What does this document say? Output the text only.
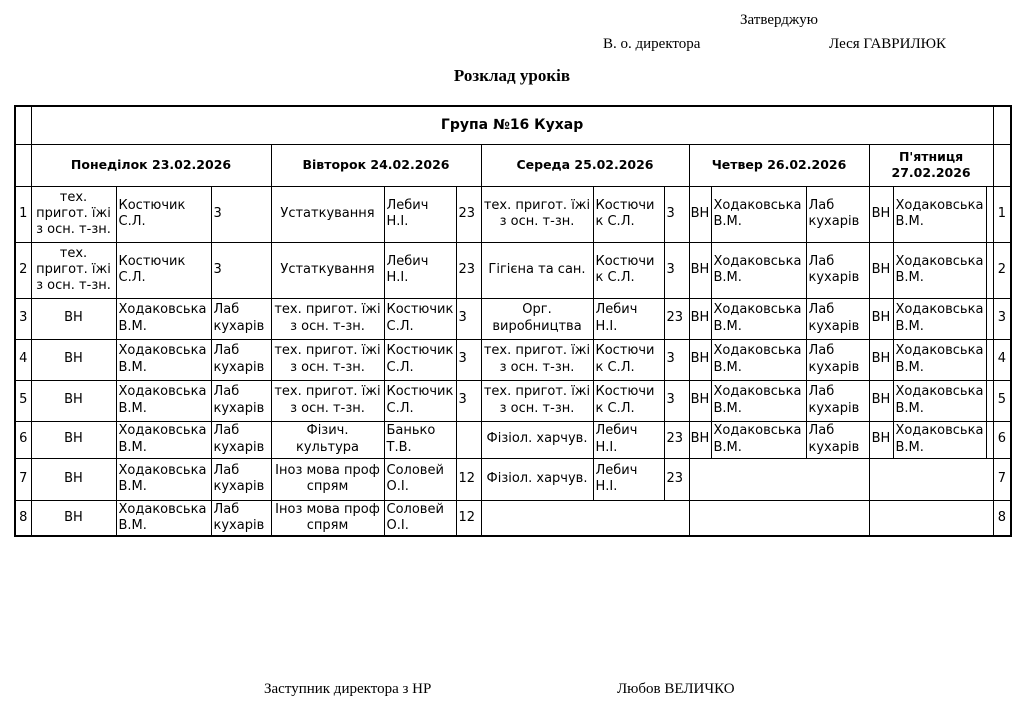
Затверджую
В. о. директора	Леся ГАВРИЛЮК
Розклад уроків
	Група №16 Кухар															
	Понеділок 23.02.2026			Вівторок 24.02.2026			Середа 25.02.2026			Четвер 26.02.2026			П'ятниця 27.02.2026			
1	тех. пригот. їжі з осн. т-зн.	Костючик С.Л.	3	Устаткування	Лебич Н.І.	23	тех. пригот. їжі з осн. т-зн.	Костючик С.Л.	3	ВН	Ходаковська В.М.	Лаб кухарів	ВН	Ходаковська В.М.		1
2	тех. пригот. їжі з осн. т-зн.	Костючик С.Л.	3	Устаткування	Лебич Н.І.	23	Гігієна та сан.	Костючик С.Л.	3	ВН	Ходаковська В.М.	Лаб кухарів	ВН	Ходаковська В.М.		2
3	ВН	Ходаковська В.М.	Лаб кухарів	тех. пригот. їжі з осн. т-зн.	Костючик С.Л.	3	Орг. виробництва	Лебич Н.І.	23	ВН	Ходаковська В.М.	Лаб кухарів	ВН	Ходаковська В.М.		3
4	ВН	Ходаковська В.М.	Лаб кухарів	тех. пригот. їжі з осн. т-зн.	Костючик С.Л.	3	тех. пригот. їжі з осн. т-зн.	Костючик С.Л.	3	ВН	Ходаковська В.М.	Лаб кухарів	ВН	Ходаковська В.М.		4
5	ВН	Ходаковська В.М.	Лаб кухарів	тех. пригот. їжі з осн. т-зн.	Костючик С.Л.	3	тех. пригот. їжі з осн. т-зн.	Костючик С.Л.	3	ВН	Ходаковська В.М.	Лаб кухарів	ВН	Ходаковська В.М.		5
6	ВН	Ходаковська В.М.	Лаб кухарів	Фізич. культура	Банько Т.В.		Фізіол. харчув.	Лебич Н.І.	23	ВН	Ходаковська В.М.	Лаб кухарів	ВН	Ходаковська В.М.		6
7	ВН	Ходаковська В.М.	Лаб кухарів	Іноз мова проф спрям	Соловей О.І.	12	Фізіол. харчув.	Лебич Н.І.	23							7
8	ВН	Ходаковська В.М.	Лаб кухарів	Іноз мова проф спрям	Соловей О.І.	12										8
Заступник директора з НР	Любов ВЕЛИЧКО
